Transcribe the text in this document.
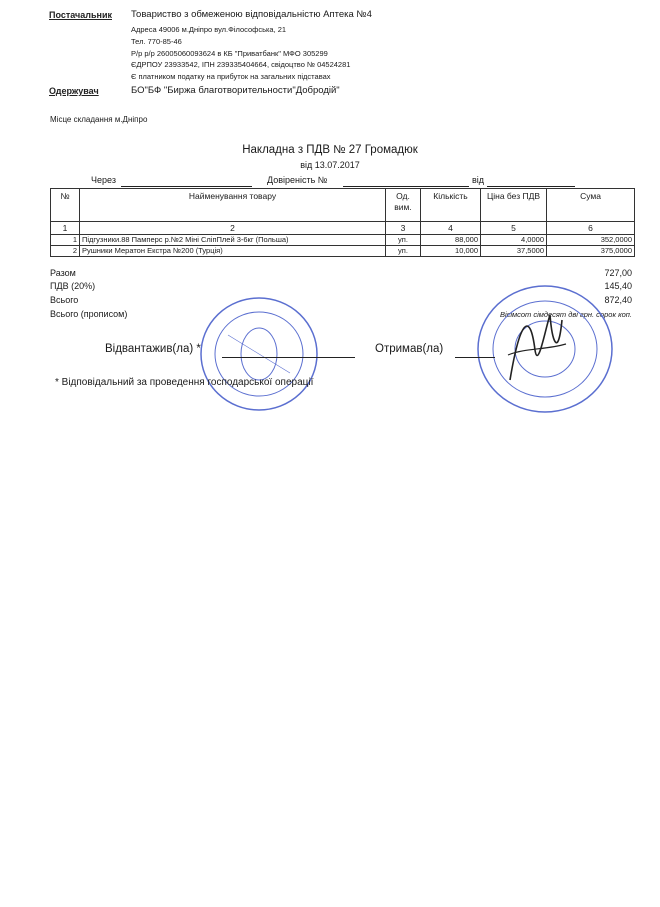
Постачальник Товариство з обмеженою відповідальністю Аптека №4
Адреса 49006 м.Дніпро вул.Філософська, 21
Тел. 770-85-46
Р/р р/р 26005060093624 в КБ "Приватбанк" МФО 305299
ЄДРПОУ 23933542, ІПН 239335404664, свідоцтво № 04524281
Є платником податку на прибуток на загальних підставах
Одержувач	БО"БФ "Биржа благотворительности"Добродій"
Місце складання м.Дніпро
Накладна з ПДВ № 27 Громадюк
від 13.07.2017
Через	Довіреність №	від
№	Найменування товару	Од. вим.	Кількість	Ціна без ПДВ	Сума
1	2	3	4	5	6
1	Підгузники.88 Памперс р.№2 Міні СліпПлей 3-6кг (Польша)	уп.	88,000	4,0000	352,0000
2	Рушники Мератон Екстра №200 (Турція)	уп.	10,000	37,5000	375,0000
Разом	727,00
ПДВ (20%)	145,40
Всього	872,40
Всього (прописом)	Вісімсот сімдесят дві грн. сорок коп.
Відвантажив(ла) *	Отримав(ла)
* Відповідальний за проведення господарської операції
